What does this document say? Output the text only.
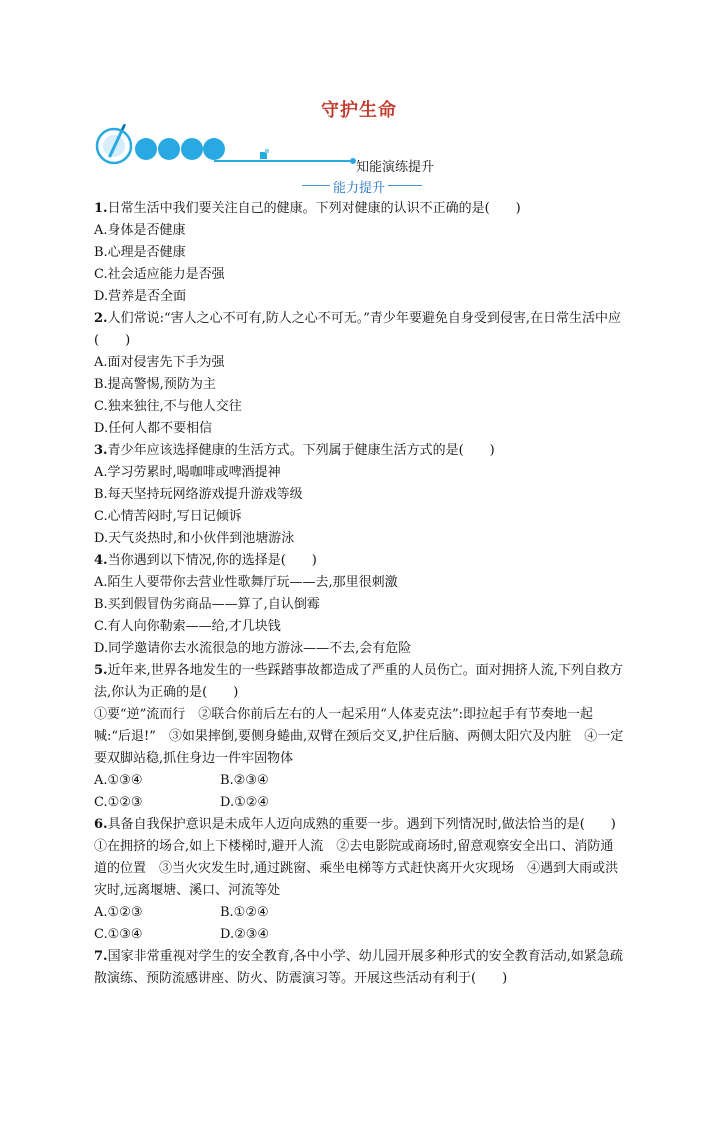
守护生命
知能演练提升
能力提升

1.日常生活中我们要关注自己的健康。下列对健康的认识不正确的是(　　)

A.身体是否健康

B.心理是否健康

C.社会适应能力是否强

D.营养是否全面

2.人们常说:“害人之心不可有,防人之心不可无。”青少年要避免自身受到侵害,在日常生活中应(　　)

A.面对侵害先下手为强

B.提高警惕,预防为主

C.独来独往,不与他人交往

D.任何人都不要相信

3.青少年应该选择健康的生活方式。下列属于健康生活方式的是(　　)

A.学习劳累时,喝咖啡或啤酒提神

B.每天坚持玩网络游戏提升游戏等级

C.心情苦闷时,写日记倾诉

D.天气炎热时,和小伙伴到池塘游泳

4.当你遇到以下情况,你的选择是(　　)

A.陌生人要带你去营业性歌舞厅玩——去,那里很刺激

B.买到假冒伪劣商品——算了,自认倒霉

C.有人向你勒索——给,才几块钱

D.同学邀请你去水流很急的地方游泳——不去,会有危险

5.近年来,世界各地发生的一些踩踏事故都造成了严重的人员伤亡。面对拥挤人流,下列自救方法,你认为正确的是(　　)

①要“逆”流而行　②联合你前后左右的人一起采用“人体麦克法”:即拉起手有节奏地一起喊:“后退!”　③如果摔倒,要侧身蜷曲,双臂在颈后交叉,护住后脑、两侧太阳穴及内脏　④一定要双脚站稳,抓住身边一件牢固物体

A.①③④	B.②③④
C.①②③	D.①②④

6.具备自我保护意识是未成年人迈向成熟的重要一步。遇到下列情况时,做法恰当的是(　　)

①在拥挤的场合,如上下楼梯时,避开人流　②去电影院或商场时,留意观察安全出口、消防通道的位置　③当火灾发生时,通过跳窗、乘坐电梯等方式赶快离开火灾现场　④遇到大雨或洪灾时,远离堰塘、溪口、河流等处

A.①②③	B.①②④
C.①③④	D.②③④

7.国家非常重视对学生的安全教育,各中小学、幼儿园开展多种形式的安全教育活动,如紧急疏散演练、预防流感讲座、防火、防震演习等。开展这些活动有利于(　　)
